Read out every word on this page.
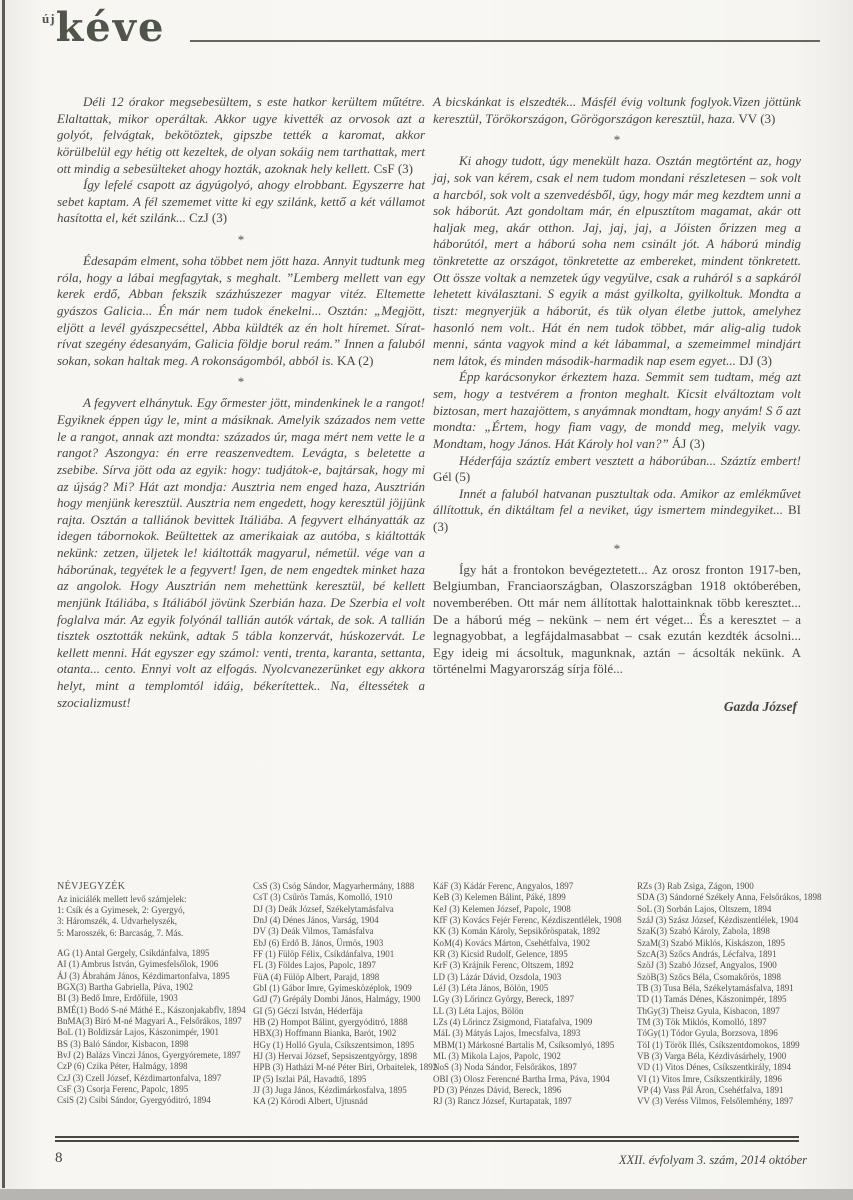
$^{új}$kéve

Déli 12 órakor megsebesültem, s este hatkor kerültem műtétre. Elaltattak, mikor operáltak. Akkor ugye kivették az orvosok azt a golyót, felvágtak, bekötöztek, gipszbe tették a karomat, akkor körülbelül egy hétig ott kezeltek, de olyan sokáig nem tarthattak, mert ott mindig a sebesülteket ahogy hozták, azoknak hely kellett. CsF (3)

Így lefelé csapott az ágyúgolyó, ahogy elrobbant. Egyszerre hat sebet kaptam. A fél szememet vitte ki egy szilánk, kettő a két vállamot hasította el, két szilánk... CzJ (3)

*

Édesapám elment, soha többet nem jött haza. Annyit tudtunk meg róla, hogy a lábai megfagytak, s meghalt. ”Lemberg mellett van egy kerek erdő, Abban fekszik százhúszezer magyar vitéz. Eltemette gyászos Galicia... Én már nem tudok énekelni... Osztán: „Megjött, eljött a levél gyászpecséttel, Abba küldték az én holt híremet. Sírat-rívat szegény édesanyám, Galicia földje borul reám.” Innen a faluból sokan, sokan haltak meg. A rokonságomból, abból is. KA (2)

*

A fegyvert elhánytuk. Egy őrmester jött, mindenkinek le a rangot! Egyiknek éppen úgy le, mint a másiknak. Amelyik százados nem vette le a rangot, annak azt mondta: százados úr, maga mért nem vette le a rangot? Aszongya: én erre reaszenvedtem. Levágta, s beletette a zsebibe. Sírva jött oda az egyik: hogy: tudjátok-e, bajtársak, hogy mi az újság? Mi? Hát azt mondja: Ausztria nem enged haza, Ausztrián hogy menjünk keresztül. Ausztria nem engedett, hogy keresztül jöjjünk rajta. Osztán a talliánok bevittek Itáliába. A fegyvert elhányatták az idegen tábornokok. Beültettek az amerikaiak az autóba, s kiáltották nekünk: zetzen, üljetek le! kiáltották magyarul, németül. vége van a háborúnak, tegyétek le a fegyvert! Igen, de nem engedtek minket haza az angolok. Hogy Ausztrián nem mehettünk keresztül, bé kellett menjünk Itáliába, s Itáliából jövünk Szerbián haza. De Szerbia el volt foglalva már. Az egyik folyónál tallián autók vártak, de sok. A tallián tisztek osztották nekünk, adtak 5 tábla konzervát, húskozervát. Le kellett menni. Hát egyszer egy számol: venti, trenta, karanta, settanta, otanta... cento. Ennyi volt az elfogás. Nyolcvanezerünket egy akkora helyt, mint a templomtól idáig, békerítettek.. Na, éltessétek a szocializmust!

A bicskánkat is elszedték... Másfél évig voltunk foglyok.Vizen jöttünk keresztül, Törökországon, Görögországon keresztül, haza. VV (3)

*

Ki ahogy tudott, úgy menekült haza. Osztán megtörtént az, hogy jaj, sok van kérem, csak el nem tudom mondani részletesen – sok volt a harcból, sok volt a szenvedésből, úgy, hogy már meg kezdtem unni a sok háborút. Azt gondoltam már, én elpusztítom magamat, akár ott haljak meg, akár otthon. Jaj, jaj, jaj, a Jóisten őrizzen meg a háborútól, mert a háború soha nem csinált jót. A háború mindig tönkretette az országot, tönkretette az embereket, mindent tönkretett. Ott össze voltak a nemzetek úgy vegyülve, csak a ruháról s a sapkáról lehetett kiválasztani. S egyik a mást gyilkolta, gyilkoltuk. Mondta a tiszt: megnyerjük a háborút, és tük olyan életbe juttok, amelyhez hasonló nem volt.. Hát én nem tudok többet, már alig-alig tudok menni, sánta vagyok mind a két lábammal, a szemeimmel mindjárt nem látok, és minden második-harmadik nap esem egyet... DJ (3)

Épp karácsonykor érkeztem haza. Semmit sem tudtam, még azt sem, hogy a testvérem a fronton meghalt. Kicsit elváltoztam volt biztosan, mert hazajöttem, s anyámnak mondtam, hogy anyám! S ő azt mondta: „Értem, hogy fiam vagy, de mondd meg, melyik vagy. Mondtam, hogy János. Hát Károly hol van?” ÁJ (3)

Héderfája száztíz embert vesztett a háborúban... Száztíz embert! Gél (5)

Innét a faluból hatvanan pusztultak oda. Amikor az emlékművet állítottuk, én diktáltam fel a neviket, úgy ismertem mindegyiket... BI (3)

*

Így hát a frontokon bevégeztetett... Az orosz fronton 1917-ben, Belgiumban, Franciaországban, Olaszországban 1918 októberében, novemberében. Ott már nem állítottak halottainknak több keresztet... De a háború még – nekünk – nem ért véget... És a keresztet – a legnagyobbat, a legfájdalmasabbat – csak ezután kezdték ácsolni... Egy ideig mi ácsoltuk, magunknak, aztán – ácsolták nekünk. A történelmi Magyarország sírja fölé...

Gazda József
NÉVJEGYZÉK
Az iniciálék mellett levő számjelek:
1: Csík és a Gyimesek, 2: Gyergyó,
3: Háromszék, 4. Udvarhelyszék,
5: Marosszék, 6: Barcaság, 7. Más.
AG (1) Antal Gergely, Csíkdánfalva, 1895
AI (1) Ambrus István, Gyimesfelsőlok, 1906
ÁJ (3) Ábrahám János, Kézdimartonfalva, 1895
BGX(3) Bartha Gabriella, Páva, 1902
BI (3) Bedő Imre, Erdőfüle, 1903
BMÉ(1) Bodó S-né Máthé E., Kászonjakabflv, 1894
BnMA(3) Biró M-né Magyari A., Felsőrákos, 1897
BoL (1) Boldizsár Lajos, Kászonimpér, 1901
BS (3) Baló Sándor, Kisbacon, 1898
BvJ (2) Balázs Vinczi János, Gyergyóremete, 1897
CzP (6) Czika Péter, Halmágy, 1898
CzJ (3) Czell József, Kézdimartonfalva, 1897
CsF (3) Csorja Ferenc, Papolc, 1895
CsiS (2) Csibi Sándor, Gyergyóditró, 1894
CsS (3) Csóg Sándor, Magyarhermány, 1888
CsT (3) Csűrös Tamás, Komolló, 1910
DJ (3) Deák József, Székelytamásfalva
DnJ (4) Dénes János, Varság, 1904
DV (3) Deák Vilmos, Tamásfalva
EbJ (6) Erdő B. János, Ürmös, 1903
FF (1) Fülöp Félix, Csíkdánfalva, 1901
FL (3) Földes Lajos, Papolc, 1897
FüA (4) Fülöp Albert, Parajd, 1898
GbI (1) Gábor Imre, Gyimesközéplok, 1909
GdJ (7) Grépály Dombi János, Halmágy, 1900
GI (5) Géczi István, Héderfája
HB (2) Hompot Bálint, gyergyóditró, 1888
HBX(3) Hoffmann Bianka, Barót, 1902
HGy (1) Holló Gyula, Csíkszentsimon, 1895
HJ (3) Hervai József, Sepsiszentgyörgy, 1898
HPB (3) Hatházi M-né Péter Biri, Orbaitelek, 1892
IP (5) Iszlai Pál, Havadtő, 1895
JJ (3) Juga János, Kézdimárkosfalva, 1895
KA (2) Kórodi Albert, Ujtusnád
KáF (3) Kádár Ferenc, Angyalos, 1897
KeB (3) Kelemen Bálint, Páké, 1899
KeJ (3) Kelemen József, Papolc, 1908
KfF (3) Kovács Fejér Ferenc, Kézdiszentlélek, 1908
KK (3) Komán Károly, Sepsikőröspatak, 1892
KoM(4) Kovács Márton, Csehétfalva, 1902
KR (3) Kicsid Rudolf, Gelence, 1895
KrF (3) Krájnik Ferenc, Oltszem, 1892
LD (3) Lázár Dávid, Ozsdola, 1903
LéJ (3) Léta János, Bölön, 1905
LGy (3) Lőrincz György, Bereck, 1897
LL (3) Léta Lajos, Bölön
LZs (4) Lőrincz Zsigmond, Fiatafalva, 1909
MáL (3) Mátyás Lajos, Imecsfalva, 1893
MBM(1) Márkosné Bartalis M, Csíksomlyó, 1895
ML (3) Mikola Lajos, Papolc, 1902
NoS (3) Noda Sándor, Felsőrákos, 1897
OBI (3) Olosz Ferencné Bartha Irma, Páva, 1904
PD (3) Pénzes Dávid, Bereck, 1896
RJ (3) Rancz József, Kurtapatak, 1897
RZs (3) Rab Zsiga, Zágon, 1900
SDA (3) Sándorné Székely Anna, Felsőrákos, 1898
SoL (3) Sorbán Lajos, Oltszem, 1894
SzáJ (3) Szász József, Kézdiszentlélek, 1904
SzaK(3) Szabó Károly, Zabola, 1898
SzaM(3) Szabó Miklós, Kiskászon, 1895
SzcA(3) Szőcs András, Lécfalva, 1891
SzöJ (3) Szabó József, Angyalos, 1900
SzöB(3) Szőcs Béla, Csomakőrös, 1898
TB (3) Tusa Béla, Székelytamásfalva, 1891
TD (1) Tamás Dénes, Kászonimpér, 1895
ThGy(3) Theisz Gyula, Kisbacon, 1897
TM (3) Tök Miklós, Komolló, 1897
TóGy(1) Tódor Gyula, Borzsova, 1896
TöI (1) Török Illés, Csíkszentdomokos, 1899
VB (3) Varga Béla, Kézdivásárhely, 1900
VD (1) Vitos Dénes, Csíkszentkirály, 1894
VI (1) Vitos Imre, Csíkszentkirály, 1896
VP (4) Vass Pál Áron, Csehétfalva, 1891
VV (3) Veréss Vilmos, Felsőlemhény, 1897
8	XXII. évfolyam 3. szám, 2014 október
